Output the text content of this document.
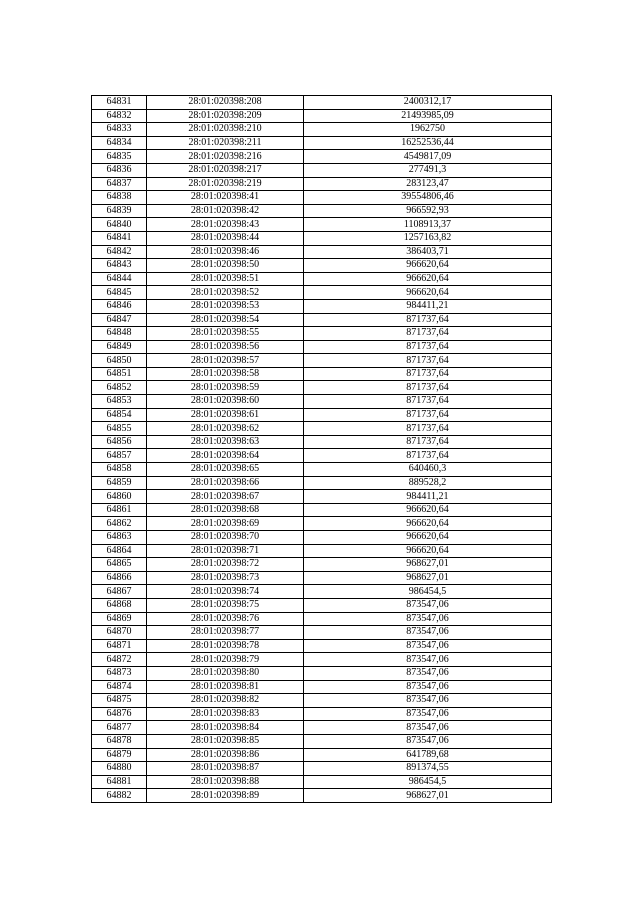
64831	28:01:020398:208	2400312,17
64832	28:01:020398:209	21493985,09
64833	28:01:020398:210	1962750
64834	28:01:020398:211	16252536,44
64835	28:01:020398:216	4549817,09
64836	28:01:020398:217	277491,3
64837	28:01:020398:219	283123,47
64838	28:01:020398:41	39554806,46
64839	28:01:020398:42	966592,93
64840	28:01:020398:43	1108913,37
64841	28:01:020398:44	1257163,82
64842	28:01:020398:46	386403,71
64843	28:01:020398:50	966620,64
64844	28:01:020398:51	966620,64
64845	28:01:020398:52	966620,64
64846	28:01:020398:53	984411,21
64847	28:01:020398:54	871737,64
64848	28:01:020398:55	871737,64
64849	28:01:020398:56	871737,64
64850	28:01:020398:57	871737,64
64851	28:01:020398:58	871737,64
64852	28:01:020398:59	871737,64
64853	28:01:020398:60	871737,64
64854	28:01:020398:61	871737,64
64855	28:01:020398:62	871737,64
64856	28:01:020398:63	871737,64
64857	28:01:020398:64	871737,64
64858	28:01:020398:65	640460,3
64859	28:01:020398:66	889528,2
64860	28:01:020398:67	984411,21
64861	28:01:020398:68	966620,64
64862	28:01:020398:69	966620,64
64863	28:01:020398:70	966620,64
64864	28:01:020398:71	966620,64
64865	28:01:020398:72	968627,01
64866	28:01:020398:73	968627,01
64867	28:01:020398:74	986454,5
64868	28:01:020398:75	873547,06
64869	28:01:020398:76	873547,06
64870	28:01:020398:77	873547,06
64871	28:01:020398:78	873547,06
64872	28:01:020398:79	873547,06
64873	28:01:020398:80	873547,06
64874	28:01:020398:81	873547,06
64875	28:01:020398:82	873547,06
64876	28:01:020398:83	873547,06
64877	28:01:020398:84	873547,06
64878	28:01:020398:85	873547,06
64879	28:01:020398:86	641789,68
64880	28:01:020398:87	891374,55
64881	28:01:020398:88	986454,5
64882	28:01:020398:89	968627,01
